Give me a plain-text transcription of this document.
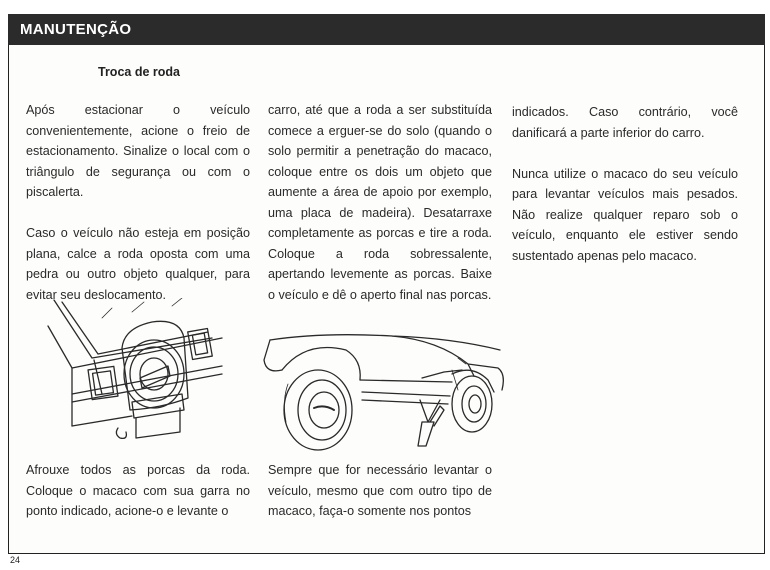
MANUTENÇÃO
Troca de roda

Após estacionar o veículo convenientemente, acione o freio de estacionamento. Sinalize o local com o triângulo de segurança ou com o piscalerta.

Caso o veículo não esteja em posição plana, calce a roda oposta com uma pedra ou outro objeto qualquer, para evitar seu deslocamento.

carro, até que a roda a ser substituída comece a erguer-se do solo (quando o solo permitir a penetração do macaco, coloque entre os dois um objeto que aumente a área de apoio por exemplo, uma placa de madeira). Desatarraxe completamente as porcas e tire a roda. Coloque a roda sobressalente, apertando levemente as porcas. Baixe o veículo e dê o aperto final nas porcas.

indicados. Caso contrário, você danificará a parte inferior do carro.

Nunca utilize o macaco do seu veículo para levantar veículos mais pesados. Não realize qualquer reparo sob o veículo, enquanto ele estiver sendo sustentado apenas pelo macaco.

Afrouxe todos as porcas da roda. Coloque o macaco com sua garra no ponto indicado, acione-o e levante o

Sempre que for necessário levantar o veículo, mesmo que com outro tipo de macaco, faça-o somente nos pontos

24
